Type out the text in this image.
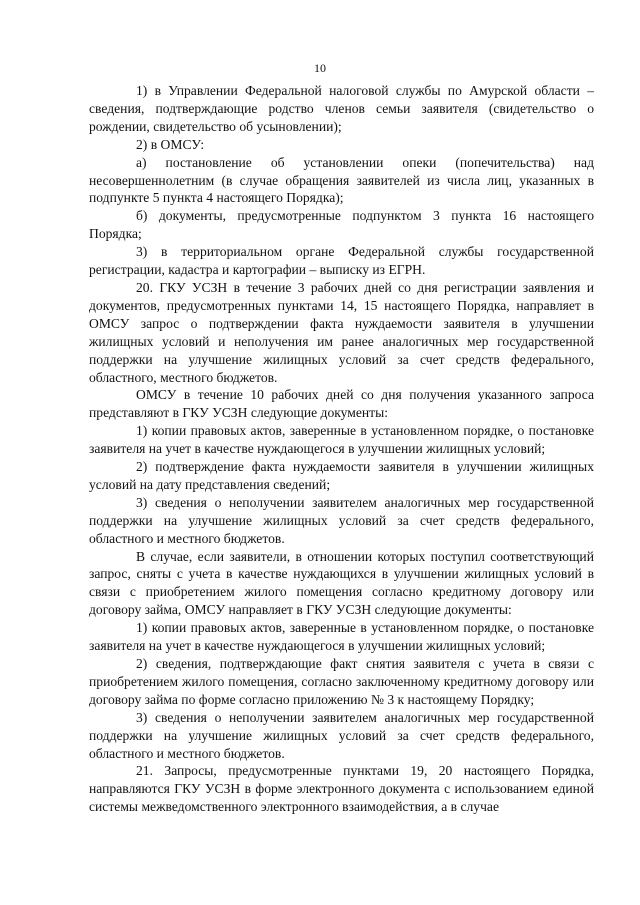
10

1) в Управлении Федеральной налоговой службы по Амурской области – сведения, подтверждающие родство членов семьи заявителя (свидетельство о рождении, свидетельство об усыновлении);

2) в ОМСУ:

а) постановление об установлении опеки (попечительства) над несовершеннолетним (в случае обращения заявителей из числа лиц, указанных в подпункте 5 пункта 4 настоящего Порядка);

б) документы, предусмотренные подпунктом 3 пункта 16 настоящего Порядка;

3) в территориальном органе Федеральной службы государственной регистрации, кадастра и картографии – выписку из ЕГРН.

20. ГКУ УСЗН в течение 3 рабочих дней со дня регистрации заявления и документов, предусмотренных пунктами 14, 15 настоящего Порядка, направляет в ОМСУ запрос о подтверждении факта нуждаемости заявителя в улучшении жилищных условий и неполучения им ранее аналогичных мер государственной поддержки на улучшение жилищных условий за счет средств федерального, областного, местного бюджетов.

ОМСУ в течение 10 рабочих дней со дня получения указанного запроса представляют в ГКУ УСЗН следующие документы:

1) копии правовых актов, заверенные в установленном порядке, о постановке заявителя на учет в качестве нуждающегося в улучшении жилищных условий;

2) подтверждение факта нуждаемости заявителя в улучшении жилищных условий на дату представления сведений;

3) сведения о неполучении заявителем аналогичных мер государственной поддержки на улучшение жилищных условий за счет средств федерального, областного и местного бюджетов.

В случае, если заявители, в отношении которых поступил соответствующий запрос, сняты с учета в качестве нуждающихся в улучшении жилищных условий в связи с приобретением жилого помещения согласно кредитному договору или договору займа, ОМСУ направляет в ГКУ УСЗН следующие документы:

1) копии правовых актов, заверенные в установленном порядке, о постановке заявителя на учет в качестве нуждающегося в улучшении жилищных условий;

2) сведения, подтверждающие факт снятия заявителя с учета в связи с приобретением жилого помещения, согласно заключенному кредитному договору или договору займа по форме согласно приложению № 3 к настоящему Порядку;

3) сведения о неполучении заявителем аналогичных мер государственной поддержки на улучшение жилищных условий за счет средств федерального, областного и местного бюджетов.

21. Запросы, предусмотренные пунктами 19, 20 настоящего Порядка, направляются ГКУ УСЗН в форме электронного документа с использованием единой системы межведомственного электронного взаимодействия, а в случае
